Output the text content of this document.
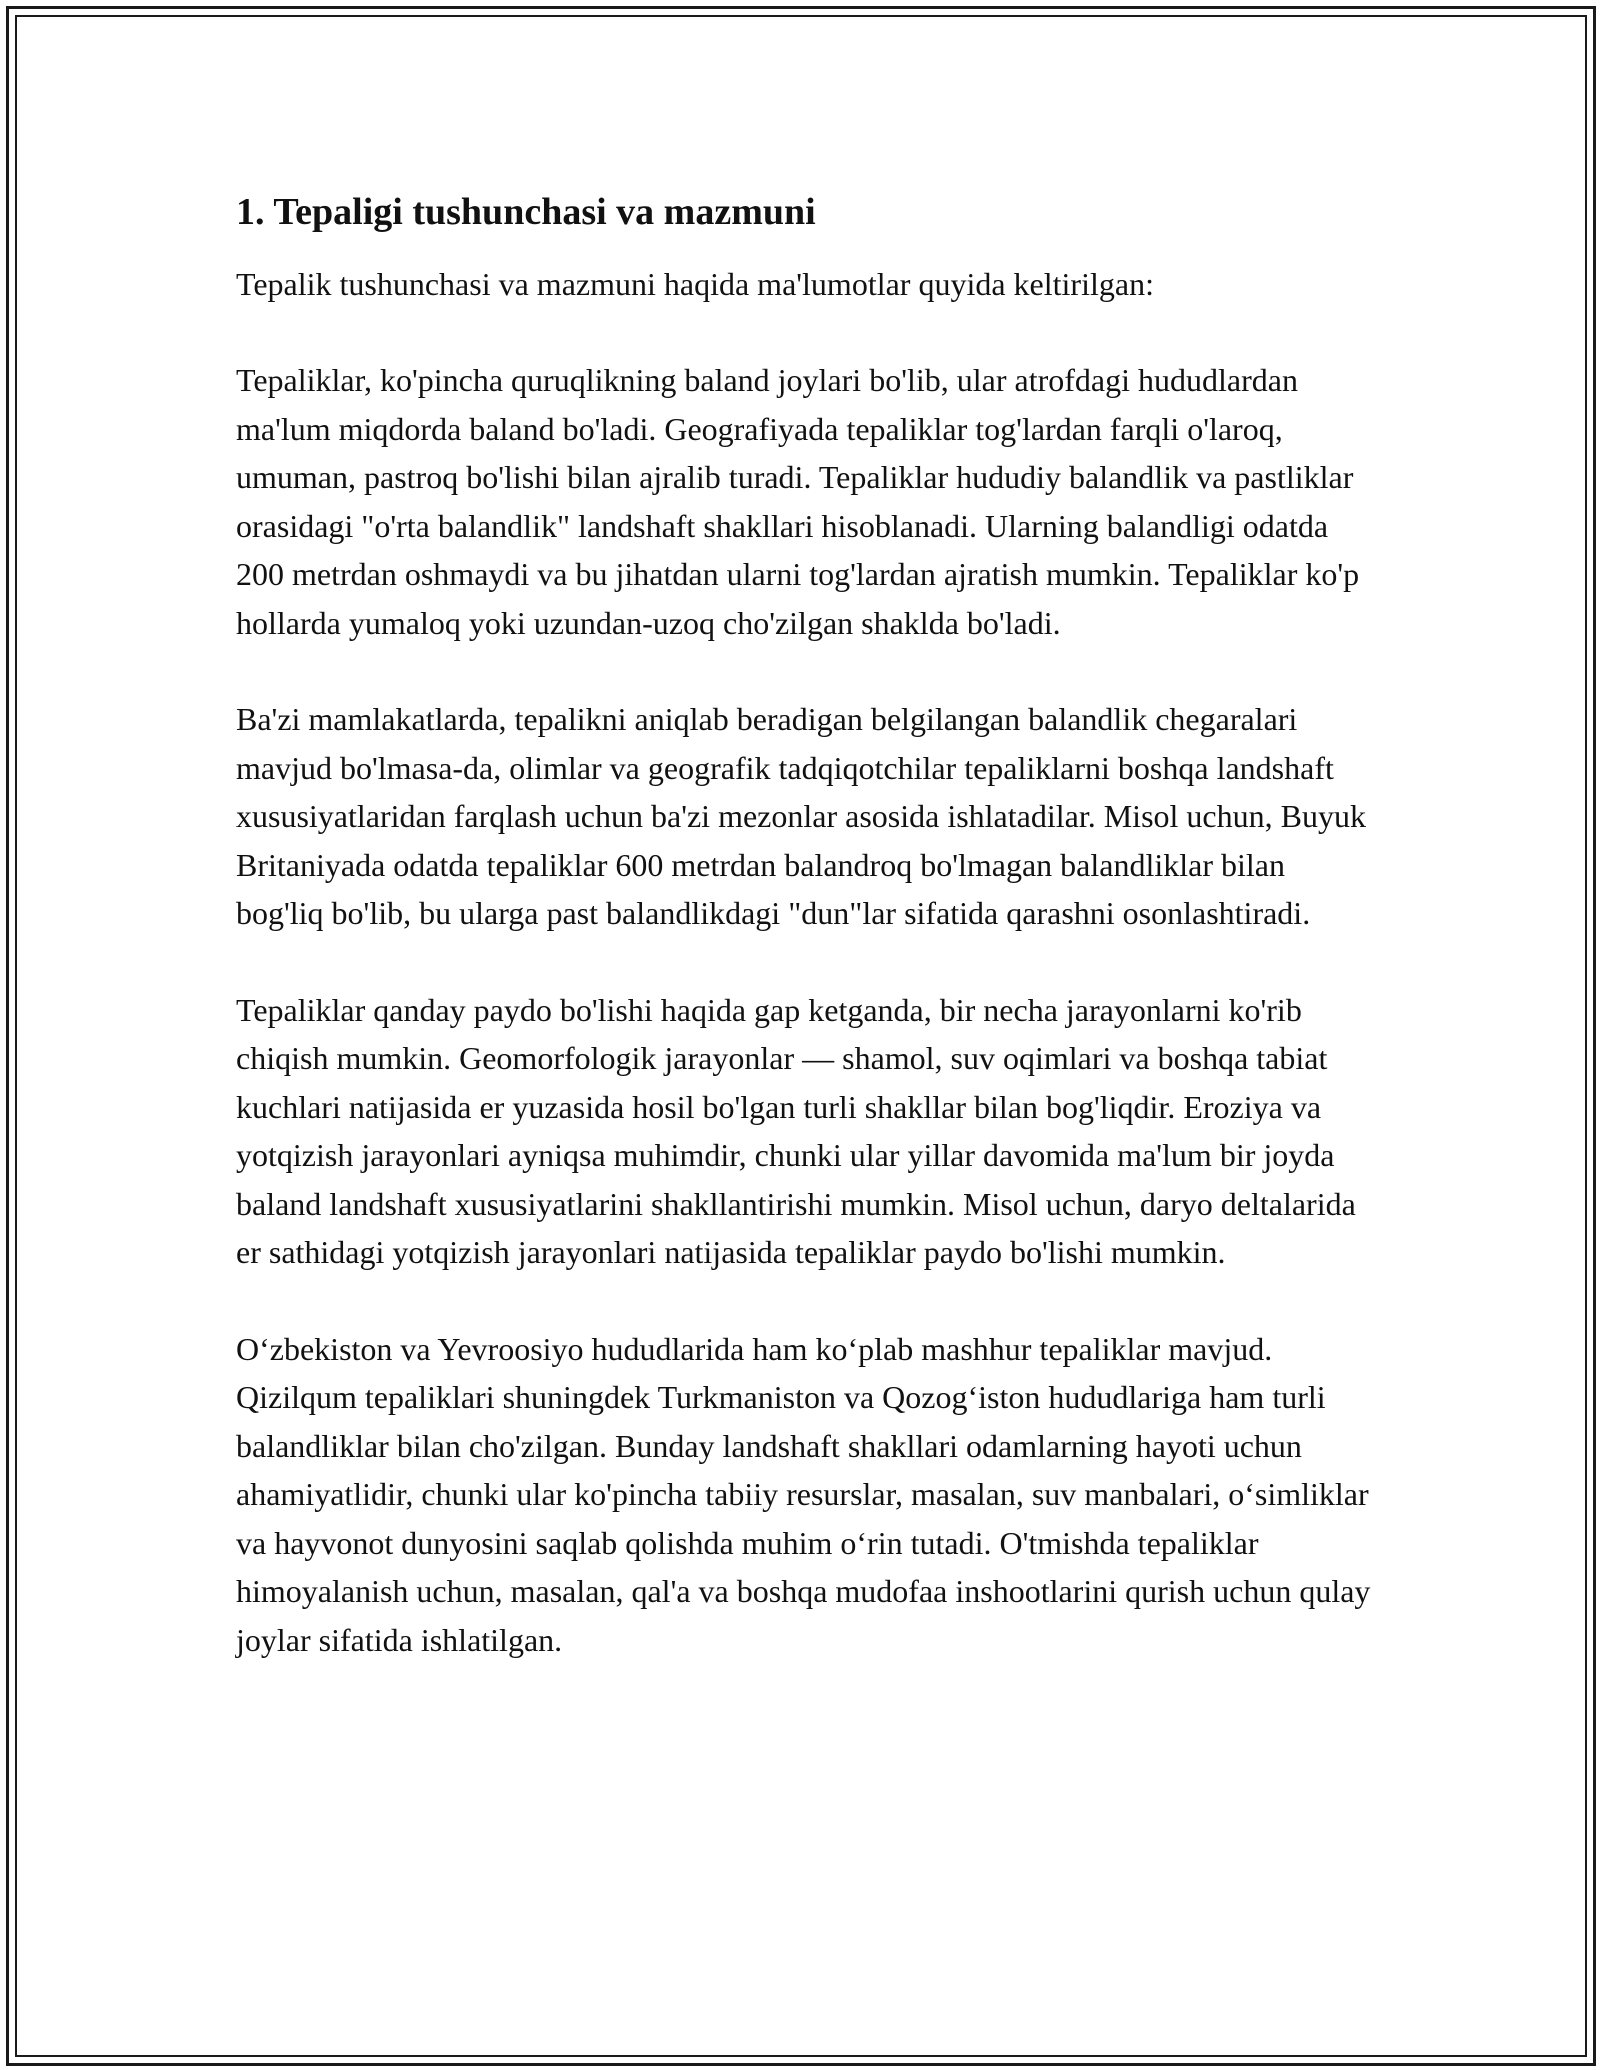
1. Tepaligi tushunchasi va mazmuni

Tepalik tushunchasi va mazmuni haqida ma'lumotlar quyida keltirilgan:

Tepaliklar, ko'pincha quruqlikning baland joylari bo'lib, ular atrofdagi hududlardan ma'lum miqdorda baland bo'ladi. Geografiyada tepaliklar tog'lardan farqli o'laroq, umuman, pastroq bo'lishi bilan ajralib turadi. Tepaliklar hududiy balandlik va pastliklar orasidagi "o'rta balandlik" landshaft shakllari hisoblanadi. Ularning balandligi odatda 200 metrdan oshmaydi va bu jihatdan ularni tog'lardan ajratish mumkin. Tepaliklar ko'p hollarda yumaloq yoki uzundan-uzoq cho'zilgan shaklda bo'ladi.

Ba'zi mamlakatlarda, tepalikni aniqlab beradigan belgilangan balandlik chegaralari mavjud bo'lmasa-da, olimlar va geografik tadqiqotchilar tepaliklarni boshqa landshaft xususiyatlaridan farqlash uchun ba'zi mezonlar asosida ishlatadilar. Misol uchun, Buyuk Britaniyada odatda tepaliklar 600 metrdan balandroq bo'lmagan balandliklar bilan bog'liq bo'lib, bu ularga past balandlikdagi "dun"lar sifatida qarashni osonlashtiradi.

Tepaliklar qanday paydo bo'lishi haqida gap ketganda, bir necha jarayonlarni ko'rib chiqish mumkin. Geomorfologik jarayonlar — shamol, suv oqimlari va boshqa tabiat kuchlari natijasida er yuzasida hosil bo'lgan turli shakllar bilan bog'liqdir. Eroziya va yotqizish jarayonlari ayniqsa muhimdir, chunki ular yillar davomida ma'lum bir joyda baland landshaft xususiyatlarini shakllantirishi mumkin. Misol uchun, daryo deltalarida er sathidagi yotqizish jarayonlari natijasida tepaliklar paydo bo'lishi mumkin.

O‘zbekiston va Yevroosiyo hududlarida ham ko‘plab mashhur tepaliklar mavjud. Qizilqum tepaliklari shuningdek Turkmaniston va Qozog‘iston hududlariga ham turli balandliklar bilan cho'zilgan. Bunday landshaft shakllari odamlarning hayoti uchun ahamiyatlidir, chunki ular ko'pincha tabiiy resurslar, masalan, suv manbalari, o‘simliklar va hayvonot dunyosini saqlab qolishda muhim o‘rin tutadi. O'tmishda tepaliklar himoyalanish uchun, masalan, qal'a va boshqa mudofaa inshootlarini qurish uchun qulay joylar sifatida ishlatilgan.
